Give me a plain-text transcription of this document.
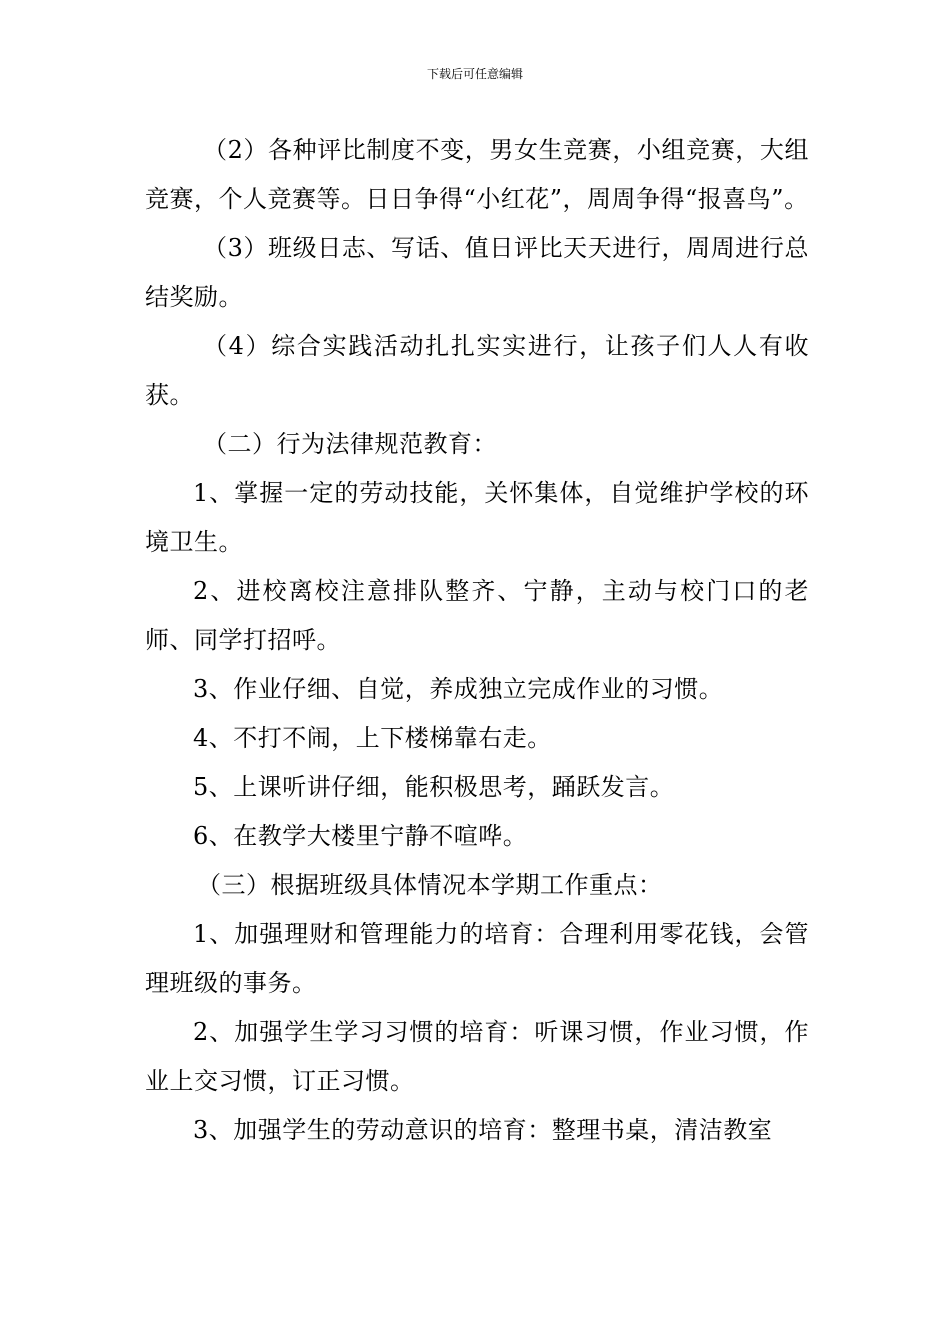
下载后可任意编辑

（2）各种评比制度不变，男女生竞赛，小组竞赛，大组竞赛，个人竞赛等。日日争得“小红花”，周周争得“报喜鸟”。

（3）班级日志、写话、值日评比天天进行，周周进行总结奖励。

（4）综合实践活动扎扎实实进行，让孩子们人人有收获。

（二）行为法律规范教育：

1、掌握一定的劳动技能，关怀集体，自觉维护学校的环境卫生。

2、进校离校注意排队整齐、宁静，主动与校门口的老师、同学打招呼。

3、作业仔细、自觉，养成独立完成作业的习惯。

4、不打不闹，上下楼梯靠右走。

5、上课听讲仔细，能积极思考，踊跃发言。

6、在教学大楼里宁静不喧哗。

（三）根据班级具体情况本学期工作重点：

1、加强理财和管理能力的培育：合理利用零花钱，会管理班级的事务。

2、加强学生学习习惯的培育：听课习惯，作业习惯，作业上交习惯，订正习惯。

3、加强学生的劳动意识的培育：整理书桌，清洁教室
